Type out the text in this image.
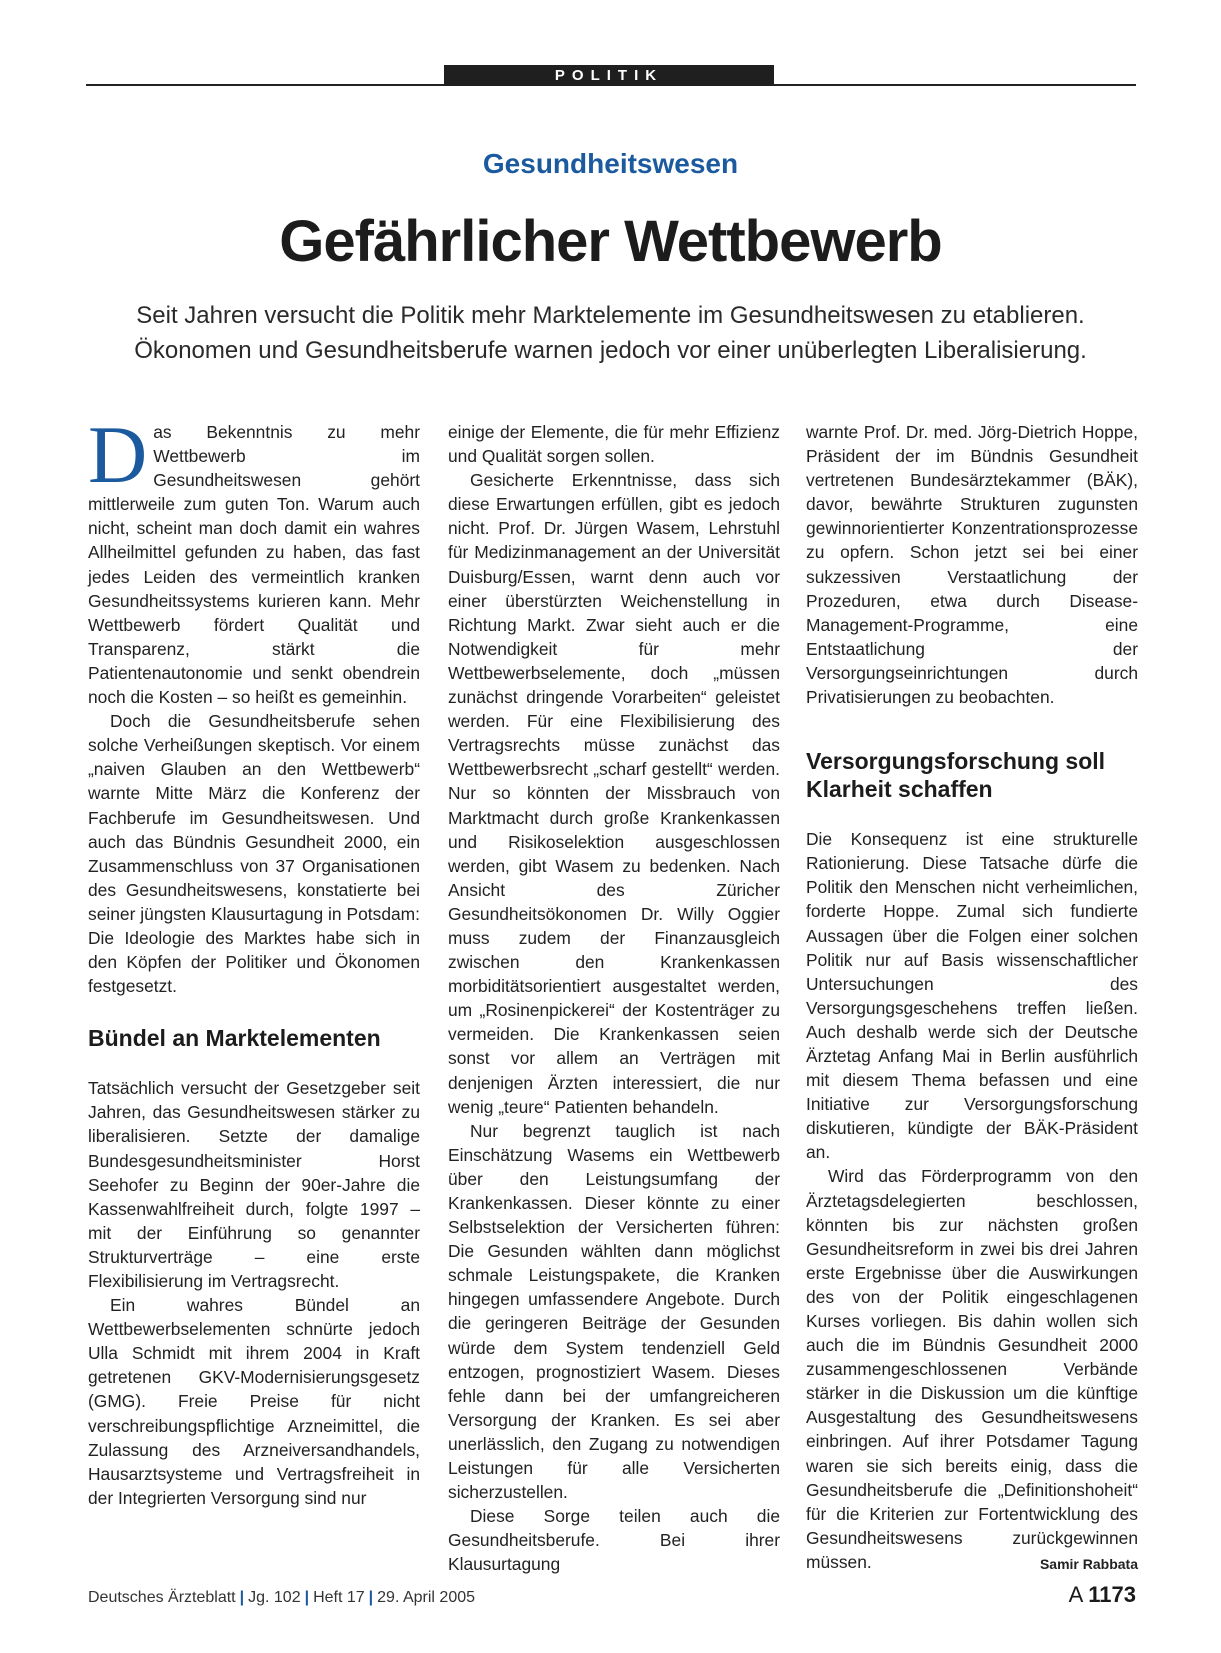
POLITIK
Gesundheitswesen
Gefährlicher Wettbewerb
Seit Jahren versucht die Politik mehr Marktelemente im Gesundheitswesen zu etablieren. Ökonomen und Gesundheitsberufe warnen jedoch vor einer unüberlegten Liberalisierung.

Das Bekenntnis zu mehr Wettbewerb im Gesundheitswesen gehört mittlerweile zum guten Ton. Warum auch nicht, scheint man doch damit ein wahres Allheilmittel gefunden zu haben, das fast jedes Leiden des vermeintlich kranken Gesundheitssystems kurieren kann. Mehr Wettbewerb fördert Qualität und Transparenz, stärkt die Patientenautonomie und senkt obendrein noch die Kosten – so heißt es gemeinhin.

Doch die Gesundheitsberufe sehen solche Verheißungen skeptisch. Vor einem „naiven Glauben an den Wettbewerb“ warnte Mitte März die Konferenz der Fachberufe im Gesundheitswesen. Und auch das Bündnis Gesundheit 2000, ein Zusammenschluss von 37 Organisationen des Gesundheitswesens, konstatierte bei seiner jüngsten Klausurtagung in Potsdam: Die Ideologie des Marktes habe sich in den Köpfen der Politiker und Ökonomen festgesetzt.

Bündel an Marktelementen

Tatsächlich versucht der Gesetzgeber seit Jahren, das Gesundheitswesen stärker zu liberalisieren. Setzte der damalige Bundesgesundheitsminister Horst Seehofer zu Beginn der 90er-Jahre die Kassenwahlfreiheit durch, folgte 1997 – mit der Einführung so genannter Strukturverträge – eine erste Flexibilisierung im Vertragsrecht.

Ein wahres Bündel an Wettbewerbselementen schnürte jedoch Ulla Schmidt mit ihrem 2004 in Kraft getretenen GKV-Modernisierungsgesetz (GMG). Freie Preise für nicht verschreibungspflichtige Arzneimittel, die Zulassung des Arzneiversandhandels, Hausarztsysteme und Vertragsfreiheit in der Integrierten Versorgung sind nur

einige der Elemente, die für mehr Effizienz und Qualität sorgen sollen.

Gesicherte Erkenntnisse, dass sich diese Erwartungen erfüllen, gibt es jedoch nicht. Prof. Dr. Jürgen Wasem, Lehrstuhl für Medizinmanagement an der Universität Duisburg/Essen, warnt denn auch vor einer überstürzten Weichenstellung in Richtung Markt. Zwar sieht auch er die Notwendigkeit für mehr Wettbewerbselemente, doch „müssen zunächst dringende Vorarbeiten“ geleistet werden. Für eine Flexibilisierung des Vertragsrechts müsse zunächst das Wettbewerbsrecht „scharf gestellt“ werden. Nur so könnten der Missbrauch von Marktmacht durch große Krankenkassen und Risikoselektion ausgeschlossen werden, gibt Wasem zu bedenken. Nach Ansicht des Züricher Gesundheitsökonomen Dr. Willy Oggier muss zudem der Finanzausgleich zwischen den Krankenkassen morbiditätsorientiert ausgestaltet werden, um „Rosinenpickerei“ der Kostenträger zu vermeiden. Die Krankenkassen seien sonst vor allem an Verträgen mit denjenigen Ärzten interessiert, die nur wenig „teure“ Patienten behandeln.

Nur begrenzt tauglich ist nach Einschätzung Wasems ein Wettbewerb über den Leistungsumfang der Krankenkassen. Dieser könnte zu einer Selbstselektion der Versicherten führen: Die Gesunden wählten dann möglichst schmale Leistungspakete, die Kranken hingegen umfassendere Angebote. Durch die geringeren Beiträge der Gesunden würde dem System tendenziell Geld entzogen, prognostiziert Wasem. Dieses fehle dann bei der umfangreicheren Versorgung der Kranken. Es sei aber unerlässlich, den Zugang zu notwendigen Leistungen für alle Versicherten sicherzustellen.

Diese Sorge teilen auch die Gesundheitsberufe. Bei ihrer Klausurtagung

warnte Prof. Dr. med. Jörg-Dietrich Hoppe, Präsident der im Bündnis Gesundheit vertretenen Bundesärztekammer (BÄK), davor, bewährte Strukturen zugunsten gewinnorientierter Konzentrationsprozesse zu opfern. Schon jetzt sei bei einer sukzessiven Verstaatlichung der Prozeduren, etwa durch Disease-Management-Programme, eine Entstaatlichung der Versorgungseinrichtungen durch Privatisierungen zu beobachten.

Versorgungsforschung soll Klarheit schaffen

Die Konsequenz ist eine strukturelle Rationierung. Diese Tatsache dürfe die Politik den Menschen nicht verheimlichen, forderte Hoppe. Zumal sich fundierte Aussagen über die Folgen einer solchen Politik nur auf Basis wissenschaftlicher Untersuchungen des Versorgungsgeschehens treffen ließen. Auch deshalb werde sich der Deutsche Ärztetag Anfang Mai in Berlin ausführlich mit diesem Thema befassen und eine Initiative zur Versorgungsforschung diskutieren, kündigte der BÄK-Präsident an.

Wird das Förderprogramm von den Ärztetagsdelegierten beschlossen, könnten bis zur nächsten großen Gesundheitsreform in zwei bis drei Jahren erste Ergebnisse über die Auswirkungen des von der Politik eingeschlagenen Kurses vorliegen. Bis dahin wollen sich auch die im Bündnis Gesundheit 2000 zusammengeschlossenen Verbände stärker in die Diskussion um die künftige Ausgestaltung des Gesundheitswesens einbringen. Auf ihrer Potsdamer Tagung waren sie sich bereits einig, dass die Gesundheitsberufe die „Definitionshoheit“ für die Kriterien zur Fortentwicklung des Gesundheitswesens zurückgewinnen müssen.	Samir Rabbata

Deutsches Ärzteblatt | Jg. 102 | Heft 17 | 29. April 2005	A 1173
